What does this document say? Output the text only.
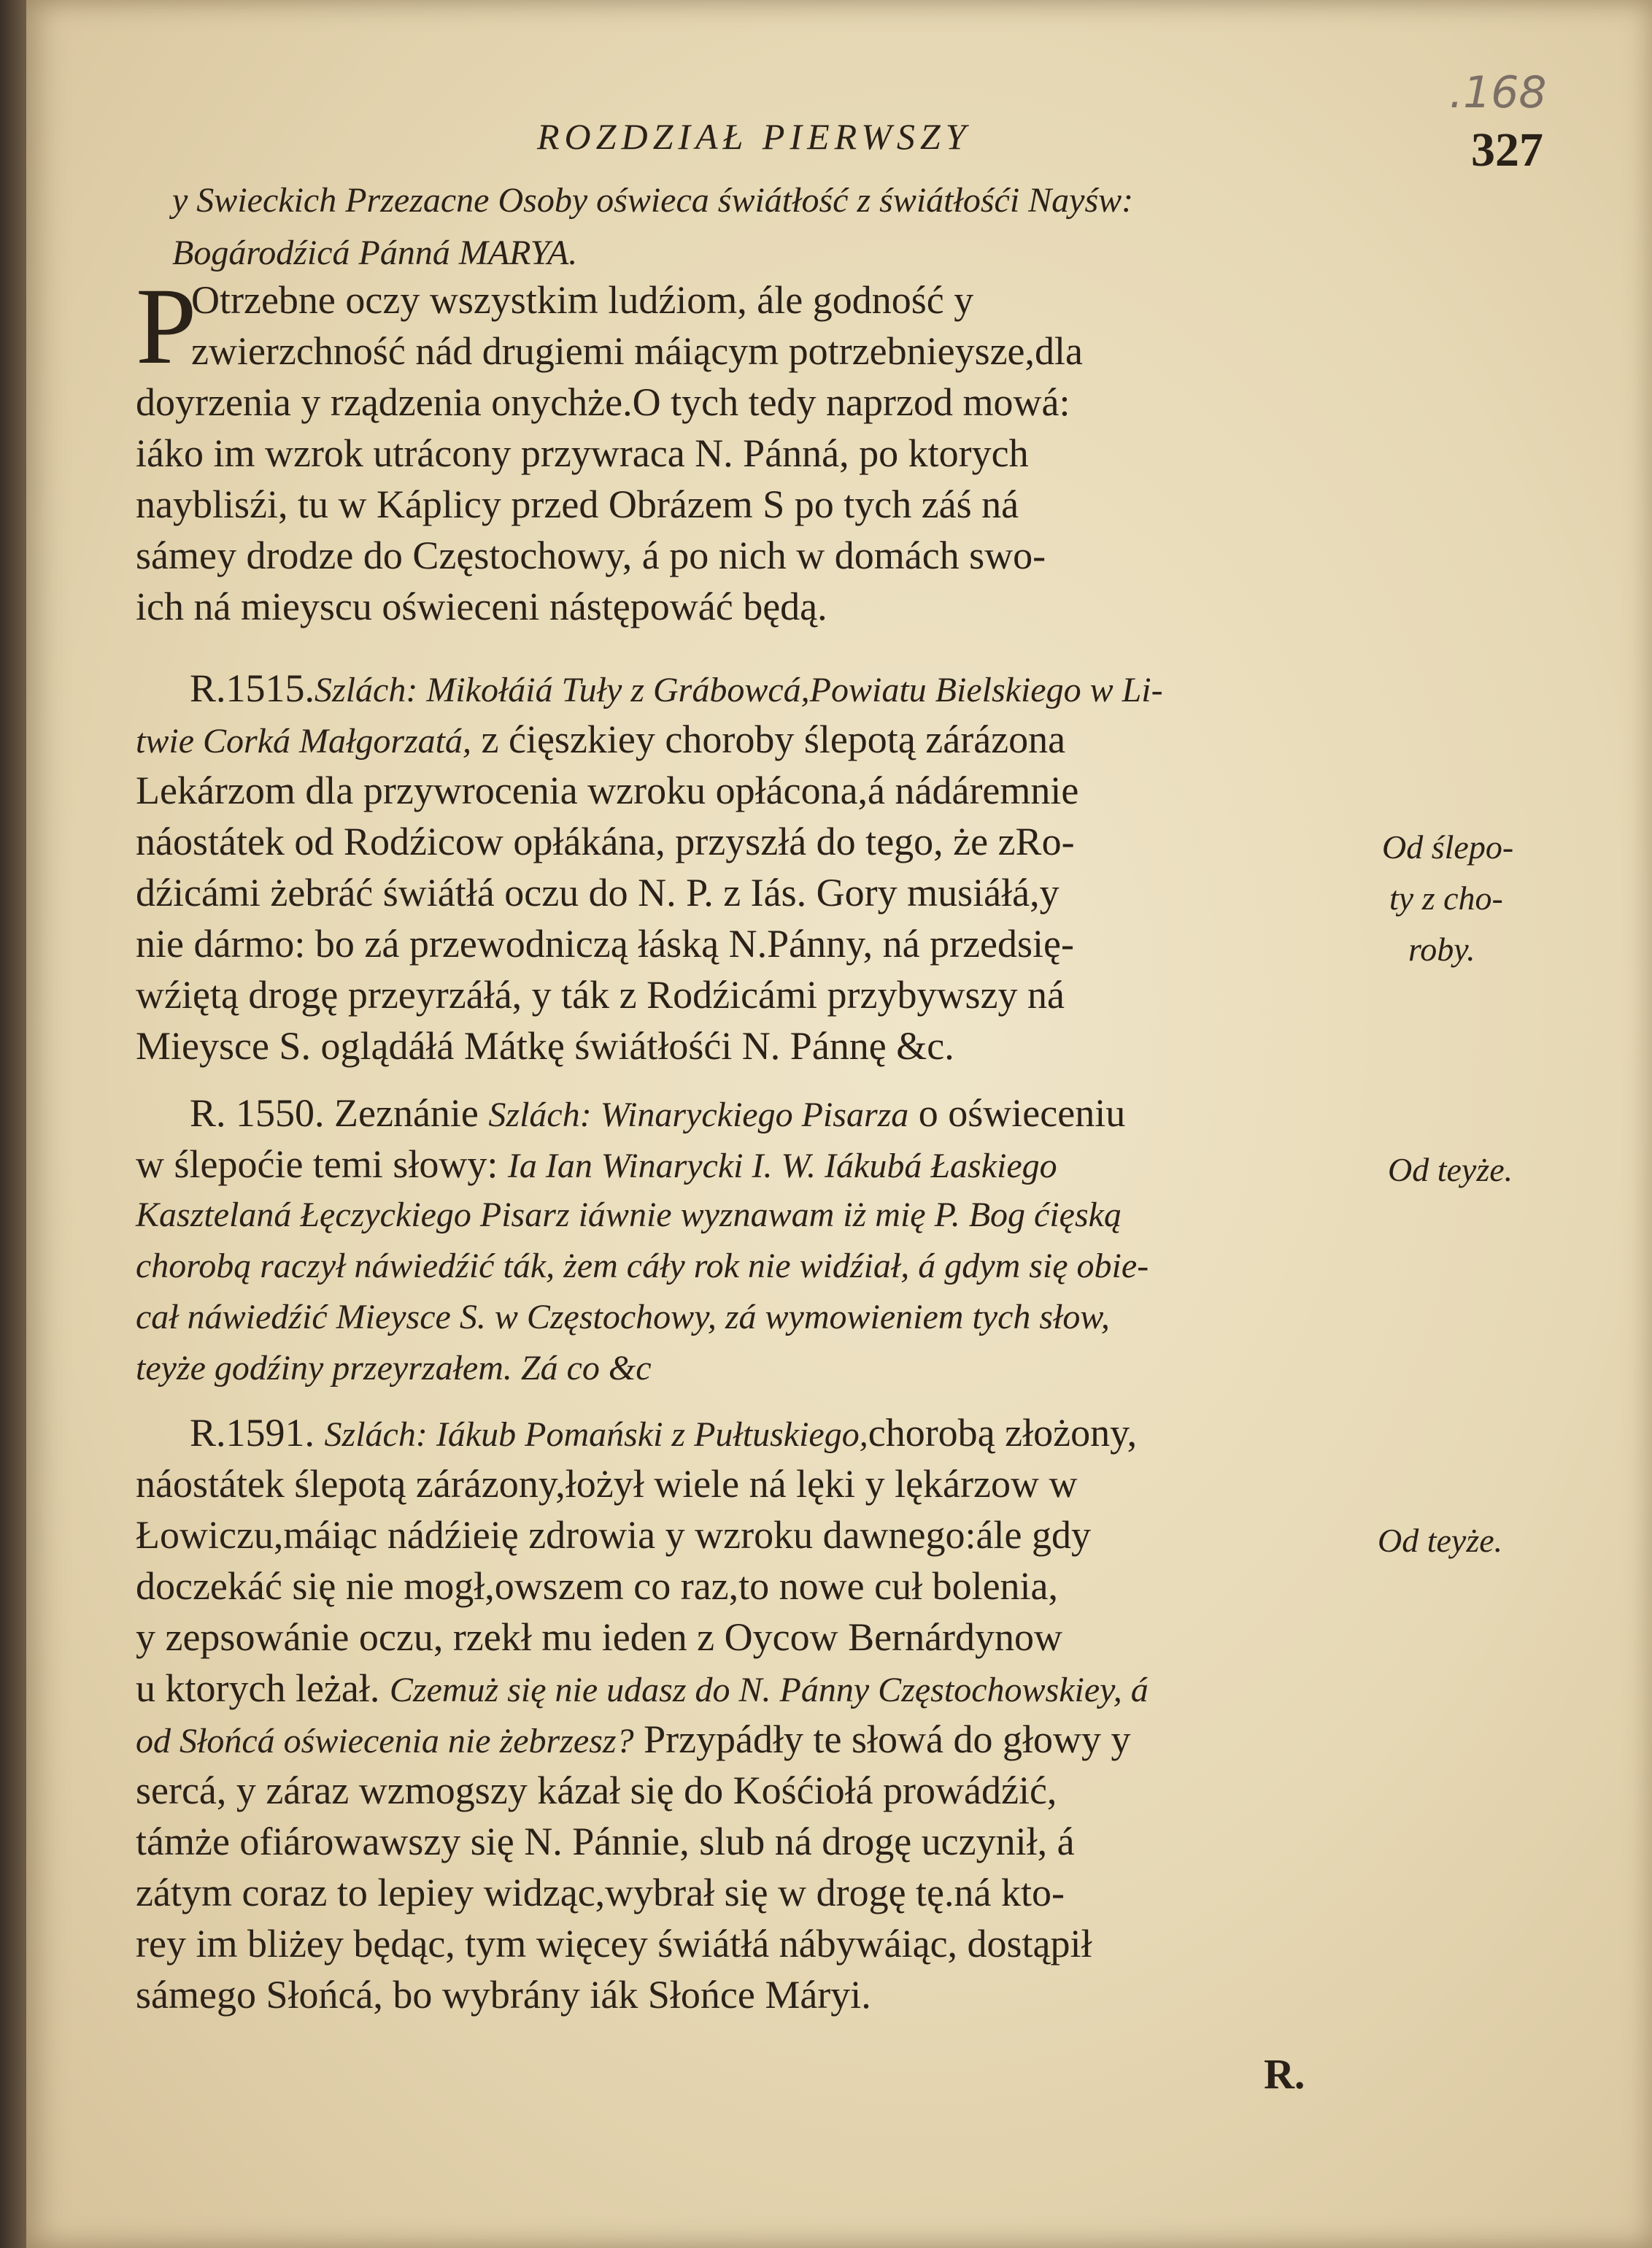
.168
ROZDZIAŁ PIERWSZY	327
y Swieckich Przezacne Osoby oświeca świátłość z świátłośći Nayśw:
Bogárodźicá Pánná MARYA.
P
Otrzebne oczy wszystkim ludźiom, ále godność y
zwierzchność nád drugiemi máiącym potrzebnieysze,dla
doyrzenia y rządzenia onychże.O tych tedy naprzod mowá:
iáko im wzrok utrácony przywraca N. Pánná, po ktorych
nayblisźi, tu w Káplicy przed Obrázem S po tych záś ná
sámey drodze do Częstochowy, á po nich w domách swo-
ich ná mieyscu oświeceni nástępowáć będą.
R.1515.Szlách: Mikołáiá Tuły z Grábowcá,Powiatu Bielskiego w Li-
twie Corká Małgorzatá, z ćięszkiey choroby ślepotą zárázona
Lekárzom dla przywrocenia wzroku opłácona,á nádáremnie
náostátek od Rodźicow opłákána, przyszłá do tego, że zRo-
dźicámi żebráć świátłá oczu do N. P. z Iás. Gory musiáłá,y
nie dármo: bo zá przewodniczą łáską N.Pánny, ná przedsię-
wźiętą drogę przeyrzáłá, y ták z Rodźicámi przybywszy ná
Mieysce S. oglądáłá Mátkę świátłośći N. Pánnę &c.
Od ślepo-
ty z cho-
roby.
R. 1550. Zeznánie Szlách: Winaryckiego Pisarza o oświeceniu
w ślepoćie temi słowy: Ia Ian Winarycki I. W. Iákubá Łaskiego
Kasztelaná Łęczyckiego Pisarz iáwnie wyznawam iż mię P. Bog ćięską
chorobą raczył náwiedźić ták, żem cáły rok nie widźiał, á gdym się obie-
cał náwiedźić Mieysce S. w Częstochowy, zá wymowieniem tych słow,
teyże godźiny przeyrzałem. Zá co &c
Od teyże.
R.1591. Szlách: Iákub Pomański z Pułtuskiego,chorobą złożony,
náostátek ślepotą zárázony,łożył wiele ná lęki y lękárzow w
Łowiczu,máiąc nádźieię zdrowia y wzroku dawnego:ále gdy
doczekáć się nie mogł,owszem co raz,to nowe cuł bolenia,
y zepsowánie oczu, rzekł mu ieden z Oycow Bernárdynow
u ktorych leżał. Czemuż się nie udasz do N. Pánny Częstochowskiey, á
od Słońcá oświecenia nie żebrzesz? Przypádły te słowá do głowy y
sercá, y záraz wzmogszy kázał się do Kośćiołá prowádźić,
támże ofiárowawszy się N. Pánnie, slub ná drogę uczynił, á
zátym coraz to lepiey widząc,wybrał się w drogę tę.ná kto-
rey im bliżey będąc, tym więcey świátłá nábywáiąc, dostąpił
sámego Słońcá, bo wybrány iák Słońce Máryi.
Od teyże.
R.
